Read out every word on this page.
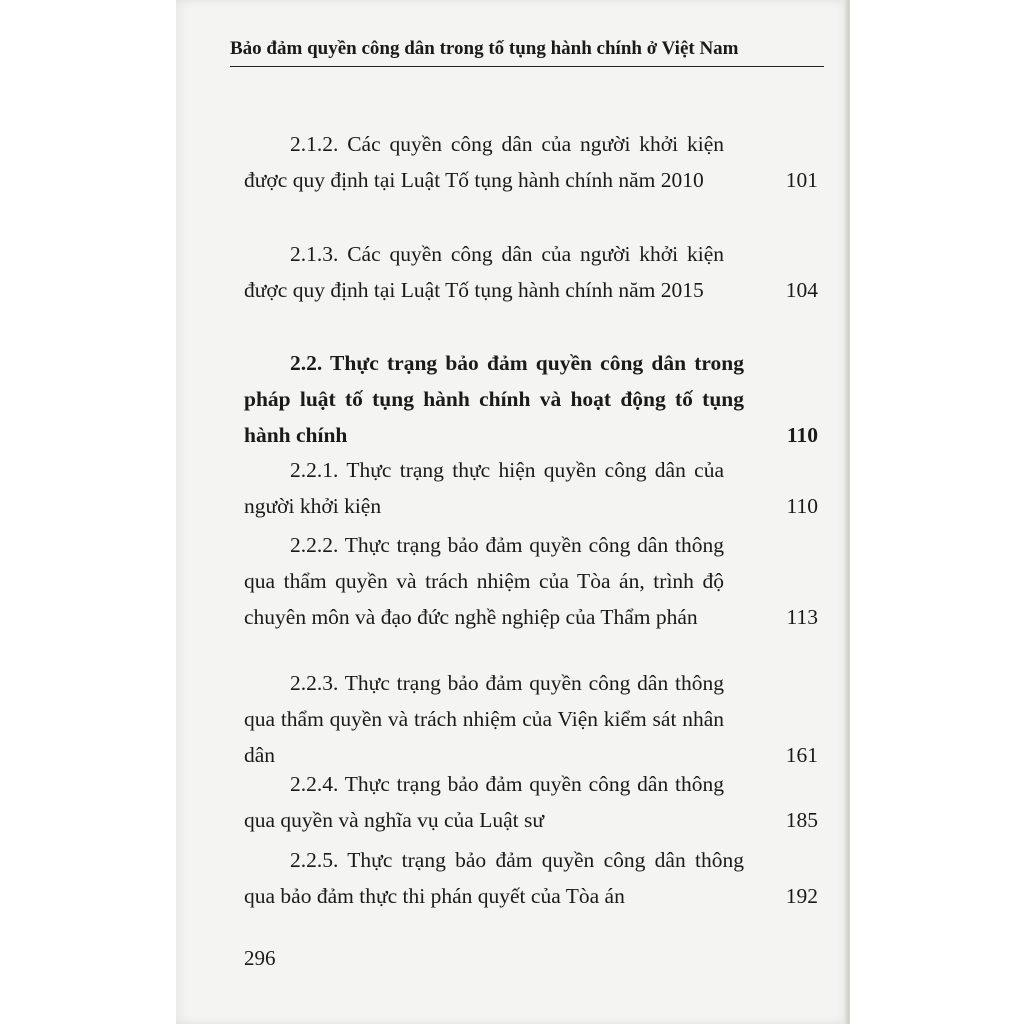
Bảo đảm quyền công dân trong tố tụng hành chính ở Việt Nam
2.1.2. Các quyền công dân của người khởi kiện được quy định tại Luật Tố tụng hành chính năm 2010	101
2.1.3. Các quyền công dân của người khởi kiện được quy định tại Luật Tố tụng hành chính năm 2015	104
2.2. Thực trạng bảo đảm quyền công dân trong pháp luật tố tụng hành chính và hoạt động tố tụng hành chính	110
2.2.1. Thực trạng thực hiện quyền công dân của người khởi kiện	110
2.2.2. Thực trạng bảo đảm quyền công dân thông qua thẩm quyền và trách nhiệm của Tòa án, trình độ chuyên môn và đạo đức nghề nghiệp của Thẩm phán	113
2.2.3. Thực trạng bảo đảm quyền công dân thông qua thẩm quyền và trách nhiệm của Viện kiểm sát nhân dân	161
2.2.4. Thực trạng bảo đảm quyền công dân thông qua quyền và nghĩa vụ của Luật sư	185
2.2.5. Thực trạng bảo đảm quyền công dân thông qua bảo đảm thực thi phán quyết của Tòa án	192
296
